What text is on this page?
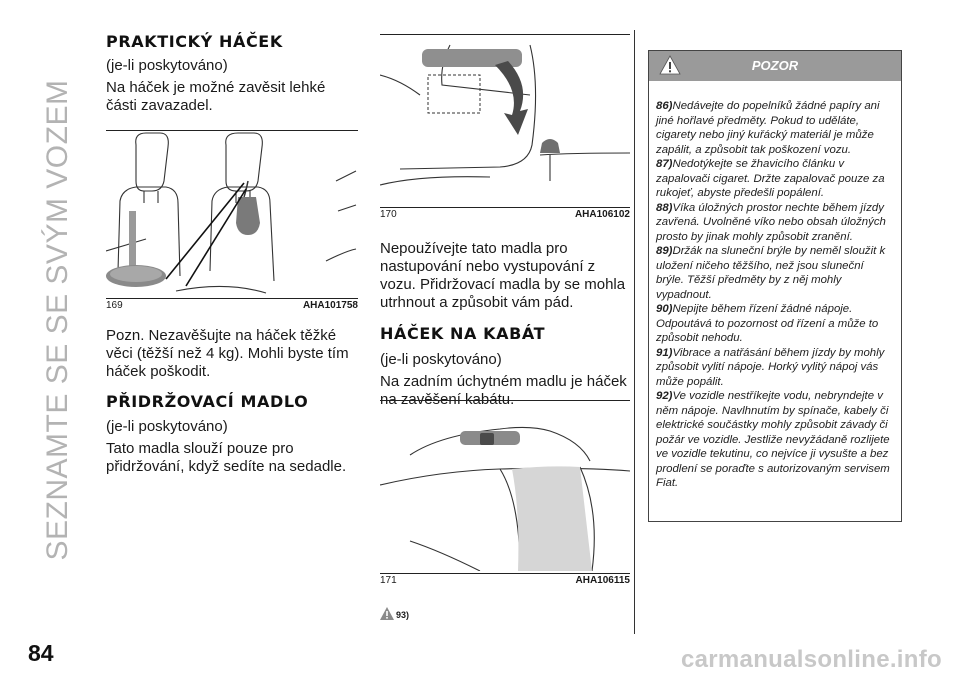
SEZNAMTE SE SE SVÝM VOZEM
84	carmanualsonline.info
PRAKTICKÝ HÁČEK

(je-li poskytováno)

Na háček je možné zavěsit lehké části zavazadel.

169	AHA101758

Pozn. Nezavěšujte na háček těžké věci (těžší než 4 kg). Mohli byste tím háček poškodit.

PŘIDRŽOVACÍ MADLO

(je-li poskytováno)

Tato madla slouží pouze pro přidržování, když sedíte na sedadle.

170	AHA106102

Nepoužívejte tato madla pro nastupování nebo vystupování z vozu. Přidržovací madla by se mohla utrhnout a způsobit vám pád.

HÁČEK NA KABÁT

(je-li poskytováno)

Na zadním úchytném madlu je háček na zavěšení kabátu.

171	AHA106115
93)
POZOR
86)Nedávejte do popelníků žádné papíry ani jiné hořlavé předměty. Pokud to uděláte, cigarety nebo jiný kuřácký materiál je může zapálit, a způsobit tak poškození vozu.
87)Nedotýkejte se žhavicího článku v zapalovači cigaret. Držte zapalovač pouze za rukojeť, abyste předešli popálení.
88)Víka úložných prostor nechte během jízdy zavřená. Uvolněné víko nebo obsah úložných prosto by jinak mohly způsobit zranění.
89)Držák na sluneční brýle by neměl sloužit k uložení ničeho těžšího, než jsou sluneční brýle. Těžší předměty by z něj mohly vypadnout.
90)Nepijte během řízení žádné nápoje. Odpoutává to pozornost od řízení a může to způsobit nehodu.
91)Vibrace a natřásání během jízdy by mohly způsobit vylití nápoje. Horký vylitý nápoj vás může popálit.
92)Ve vozidle nestříkejte vodu, nebryndejte v něm nápoje. Navlhnutím by spínače, kabely či elektrické součástky mohly způsobit závady či požár ve vozidle. Jestliže nevyžádaně rozlijete ve vozidle tekutinu, co nejvíce ji vysušte a bez prodlení se poraďte s autorizovaným servisem Fiat.
